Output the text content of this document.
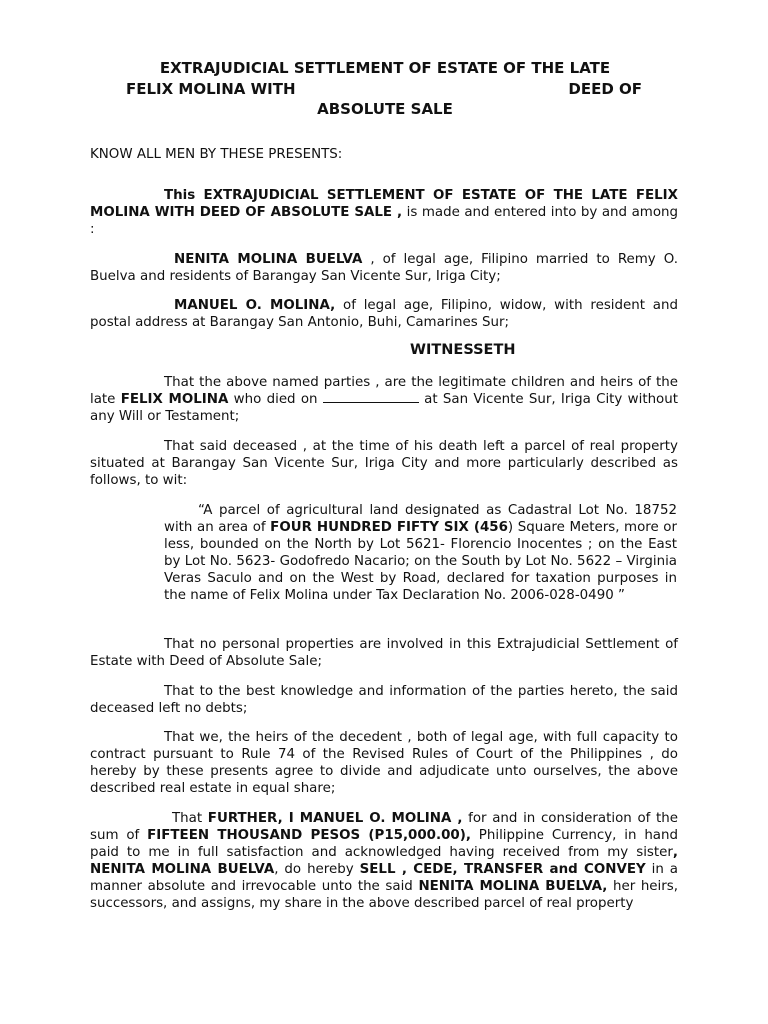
EXTRAJUDICIAL SETTLEMENT OF ESTATE OF THE LATE
FELIX MOLINA WITH	DEED OF
ABSOLUTE SALE

KNOW ALL MEN BY THESE PRESENTS:

This EXTRAJUDICIAL SETTLEMENT OF ESTATE OF THE LATE FELIX MOLINA WITH DEED OF ABSOLUTE SALE , is made and entered into by and among :

NENITA MOLINA BUELVA , of legal age, Filipino married to Remy O. Buelva and residents of Barangay San Vicente Sur, Iriga City;

MANUEL O. MOLINA, of legal age, Filipino, widow, with resident and postal address at Barangay San Antonio, Buhi, Camarines Sur;

WITNESSETH

That the above named parties , are the legitimate children and heirs of the late FELIX MOLINA who died on	at San Vicente Sur, Iriga City without any Will or Testament;

That said deceased , at the time of his death left a parcel of real property situated at Barangay San Vicente Sur, Iriga City and more particularly described as follows, to wit:

“A parcel of agricultural land designated as Cadastral Lot No. 18752 with an area of FOUR HUNDRED FIFTY SIX (456) Square Meters, more or less, bounded on the North by Lot 5621- Florencio Inocentes ; on the East by Lot No. 5623- Godofredo Nacario; on the South by Lot No. 5622 – Virginia Veras Saculo and on the West by Road, declared for taxation purposes in the name of Felix Molina under Tax Declaration No. 2006-028-0490 ”

That no personal properties are involved in this Extrajudicial Settlement of Estate with Deed of Absolute Sale;

That to the best knowledge and information of the parties hereto, the said deceased left no debts;

That we, the heirs of the decedent , both of legal age, with full capacity to contract pursuant to Rule 74 of the Revised Rules of Court of the Philippines , do hereby by these presents agree to divide and adjudicate unto ourselves, the above described real estate in equal share;

That FURTHER, I MANUEL O. MOLINA , for and in consideration of the sum of FIFTEEN THOUSAND PESOS (P15,000.00), Philippine Currency, in hand paid to me in full satisfaction and acknowledged having received from my sister, NENITA MOLINA BUELVA, do hereby SELL , CEDE, TRANSFER and CONVEY in a manner absolute and irrevocable unto the said NENITA MOLINA BUELVA, her heirs, successors, and assigns, my share in the above described parcel of real property
